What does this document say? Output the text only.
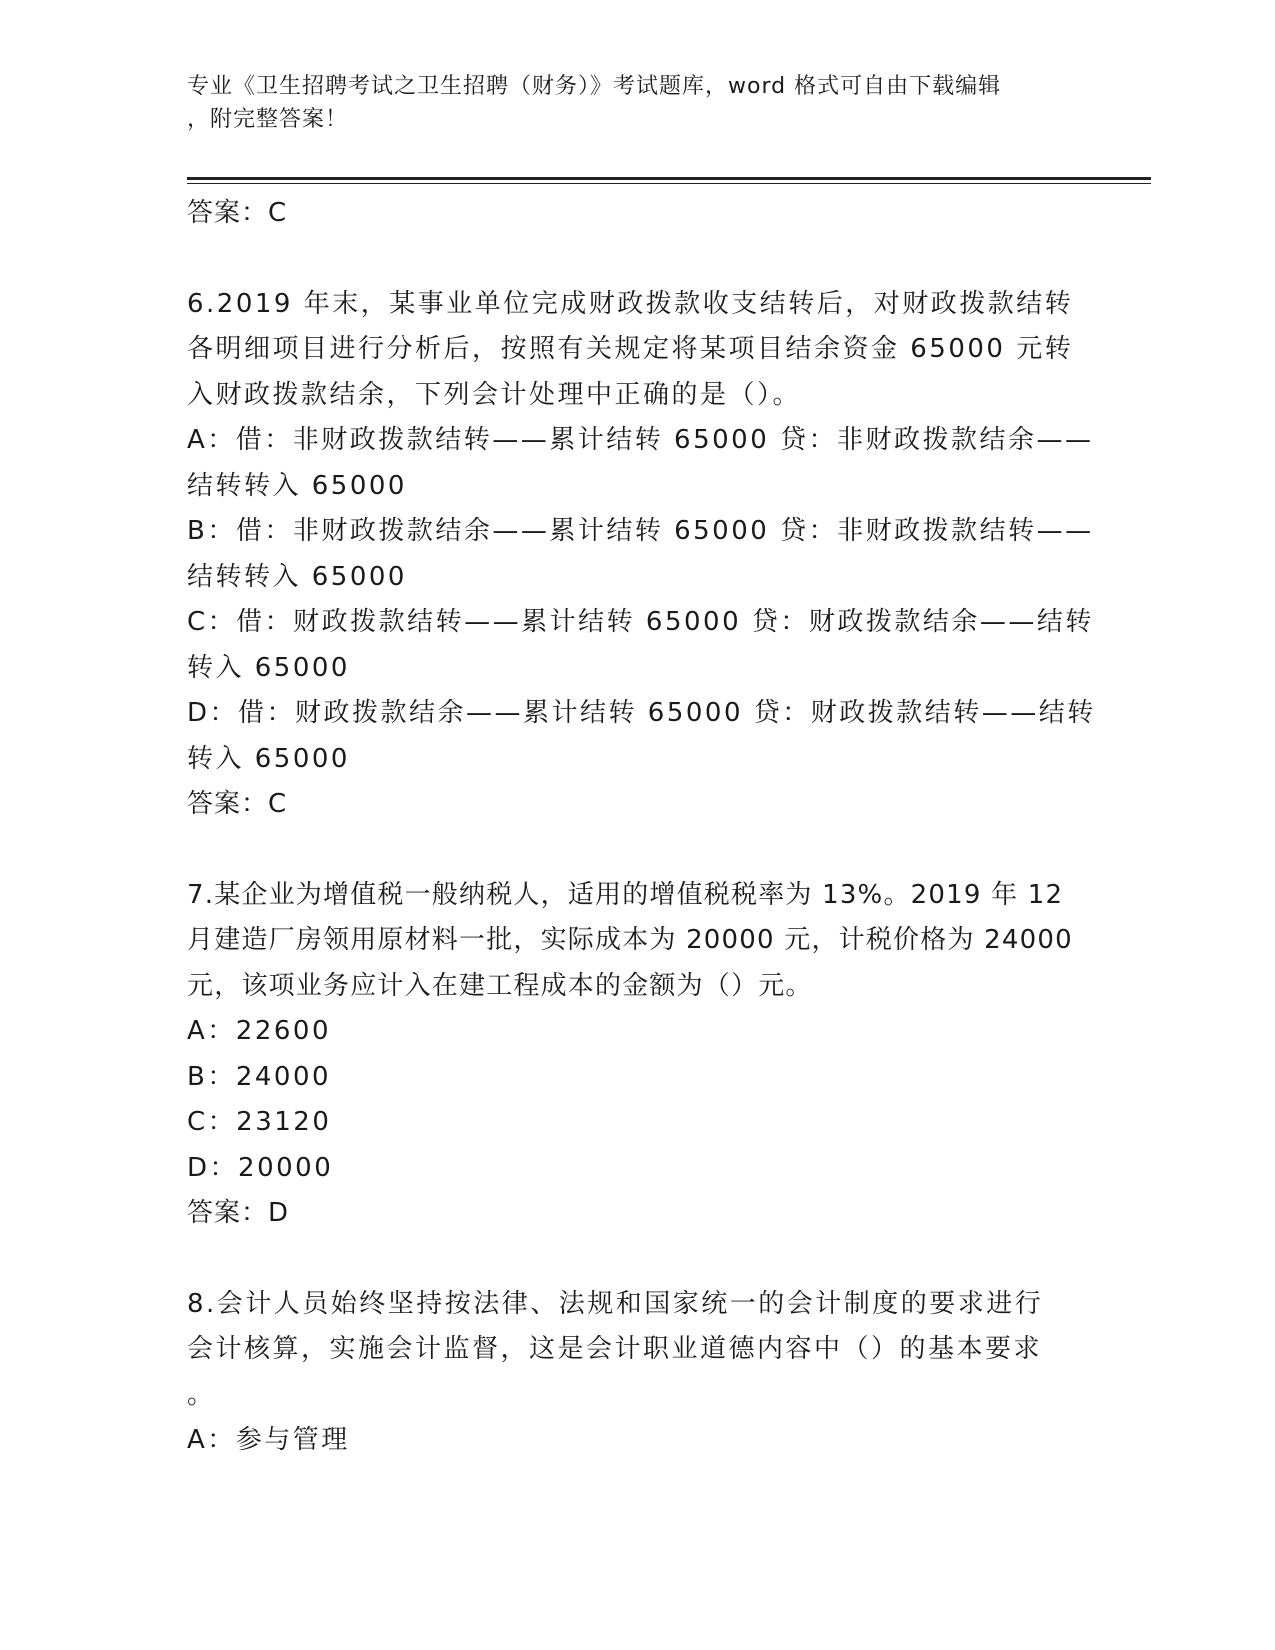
专业《卫生招聘考试之卫生招聘（财务）》考试题库，word 格式可自由下载编辑
，附完整答案！
答案：C
6.2019 年末，某事业单位完成财政拨款收支结转后，对财政拨款结转
各明细项目进行分析后，按照有关规定将某项目结余资金 65000 元转
入财政拨款结余，下列会计处理中正确的是（）。
A：借：非财政拨款结转——累计结转 65000 贷：非财政拨款结余——
结转转入 65000
B：借：非财政拨款结余——累计结转 65000 贷：非财政拨款结转——
结转转入 65000
C：借：财政拨款结转——累计结转 65000 贷：财政拨款结余——结转
转入 65000
D：借：财政拨款结余——累计结转 65000 贷：财政拨款结转——结转
转入 65000
答案：C
7.某企业为增值税一般纳税人，适用的增值税税率为 13%。2019 年 12
月建造厂房领用原材料一批，实际成本为 20000 元，计税价格为 24000
元，该项业务应计入在建工程成本的金额为（）元。
A：22600
B：24000
C：23120
D：20000
答案：D
8.会计人员始终坚持按法律、法规和国家统一的会计制度的要求进行
会计核算，实施会计监督，这是会计职业道德内容中（）的基本要求
。
A：参与管理
